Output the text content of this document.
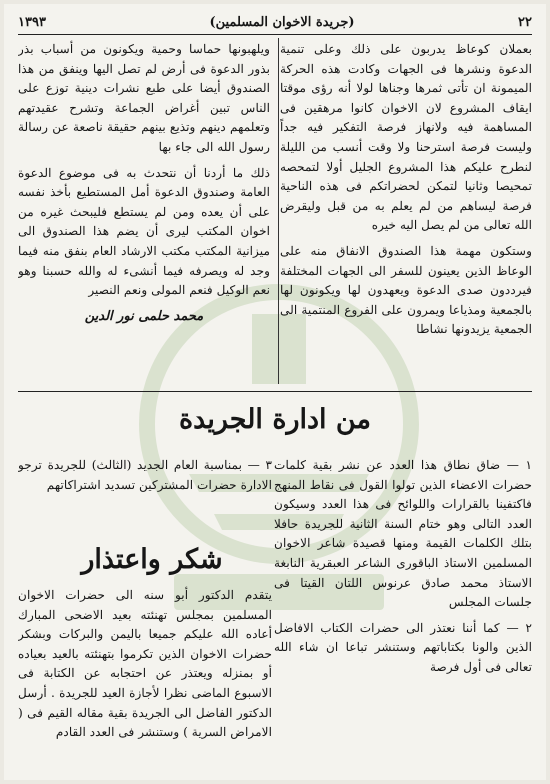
٢٢
(جريدة الاخوان المسلمين)
١٣٩٣

بعملان كوعاظ يدربون على ذلك وعلى تنمية الدعوة ونشرها فى الجهات وكادت هذه الحركة الميمونة ان تأتى ثمرها وجناها لولا أنه رؤى موقتا ايقاف المشروع لان الاخوان كانوا مرهقين فى المساهمة فيه ولانهاز فرصة التفكير فيه جداً وليست فرصة استرحنا ولا وقت أنسب من الليلة لنطرح عليكم هذا المشروع الجليل أولا لتمحصه تمحيصا وثانيا لتمكن لحضراتكم فى هذه الناحية فرصة ليساهم من لم يعلم به من قبل وليقرض الله تعالى من لم يصل اليه خيره

وستكون مهمة هذا الصندوق الانفاق منه على الوعاظ الذين يعينون للسفر الى الجهات المختلفة فيرددون صدى الدعوة ويعهدون لها ويكونون لها بالجمعية ومذياعا ويمرون على الفروع المنتمية الى الجمعية يزيدونها نشاطا

ويلهبونها حماسا وحمية ويكونون من أسباب بذر بذور الدعوة فى أرض لم تصل اليها وينفق من هذا الصندوق أيضا على طبع نشرات دينية توزع على الناس تبين أغراض الجماعة وتشرح عقيدتهم وتعلمهم دينهم وتذيع بينهم حقيقة ناصعة عن رسالة رسول الله الى جاء بها

ذلك ما أردنا أن نتحدث به فى موضوع الدعوة العامة وصندوق الدعوة أمل المستطيع بأخذ نفسه على أن يعده ومن لم يستطع فليبحث غيره من اخوان المكتب ليرى أن يضم هذا الصندوق الى ميزانية المكتب مكتب الارشاد العام بنفق منه فيما وجد له ويصرفه فيما أنشىء له والله حسبنا وهو نعم الوكيل فنعم المولى ونعم النصير

محمد حلمى نور الدين
من ادارة الجريدة

١ — ضاق نطاق هذا العدد عن نشر بقية كلمات حضرات الاعضاء الذين تولوا القول فى نقاط المنهج فاكتفينا بالقرارات واللوائح فى هذا العدد وسيكون العدد التالى وهو ختام السنة الثانية للجريدة حافلا بتلك الكلمات القيمة ومنها قصيدة شاعر الاخوان المسلمين الاستاذ الباقورى الشاعر العبقرية النابغة الاستاذ محمد صادق عرنوس اللتان القيتا فى جلسات المجلس

٢ — كما أننا نعتذر الى حضرات الكتاب الافاضل الذين والونا بكتاباتهم وستنشر تباعا ان شاء الله تعالى فى أول فرصة

٣ — بمناسبة العام الجديد (الثالث) للجريدة ترجو الادارة حضرات المشتركين تسديد اشتراكاتهم

شكر واعتذار

يتقدم الدكتور أبو سنه الى حضرات الاخوان المسلمين بمجلس تهنئته بعيد الاضحى المبارك أعاده الله عليكم جميعا باليمن والبركات وبشكر حضرات الاخوان الذين تكرموا بتهنئته بالعيد بعياده أو بمنزله ويعتذر عن احتجابه عن الكتابة فى الاسبوع الماضى نظرا لأجازة العيد للجريدة . أرسل الدكتور الفاضل الى الجريدة بقية مقاله القيم فى ( الامراض السرية ) وستنشر فى العدد القادم
